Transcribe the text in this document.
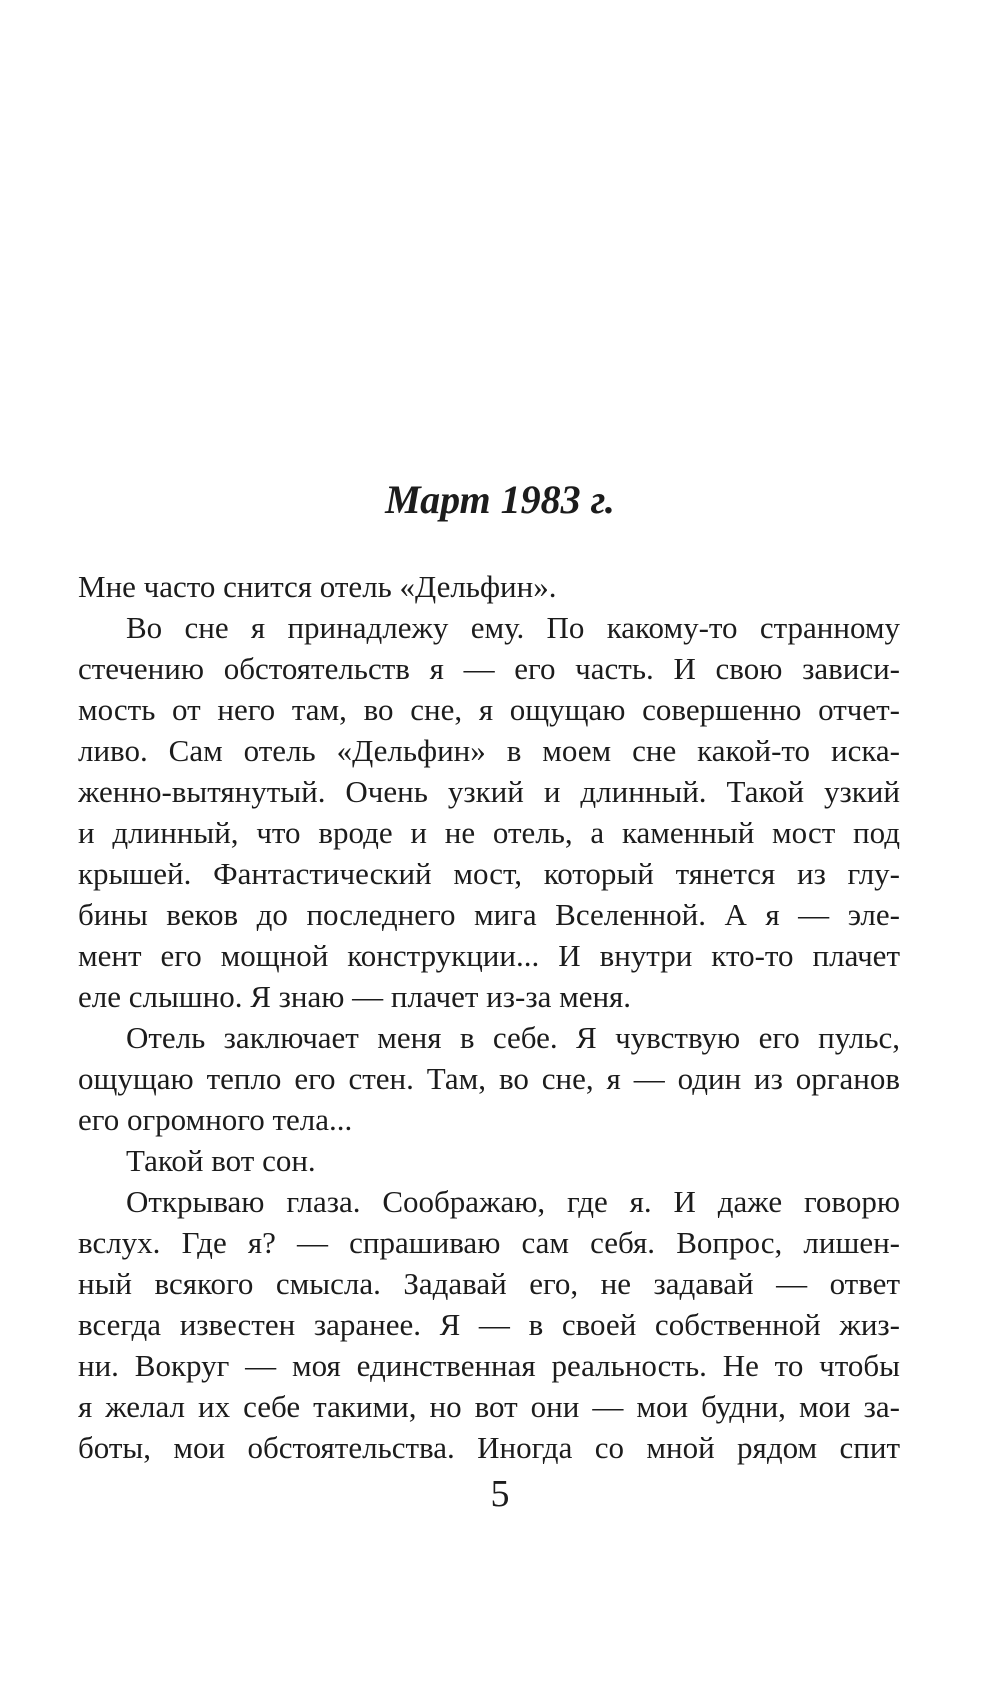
Март 1983 г.

Мне часто снится отель «Дельфин».

Во сне я принадлежу ему. По какому-то странному
стечению обстоятельств я — его часть. И свою зависи-
мость от него там, во сне, я ощущаю совершенно отчет-
ливо. Сам отель «Дельфин» в моем сне какой-то иска-
женно-вытянутый. Очень узкий и длинный. Такой узкий
и длинный, что вроде и не отель, а каменный мост под
крышей. Фантастический мост, который тянется из глу-
бины веков до последнего мига Вселенной. А я — эле-
мент его мощной конструкции... И внутри кто-то плачет
еле слышно. Я знаю — плачет из-за меня.

Отель заключает меня в себе. Я чувствую его пульс,
ощущаю тепло его стен. Там, во сне, я — один из органов
его огромного тела...

Такой вот сон.

Открываю глаза. Соображаю, где я. И даже говорю
вслух. Где я? — спрашиваю сам себя. Вопрос, лишен-
ный всякого смысла. Задавай его, не задавай — ответ
всегда известен заранее. Я — в своей собственной жиз-
ни. Вокруг — моя единственная реальность. Не то чтобы
я желал их себе такими, но вот они — мои будни, мои за-
боты, мои обстоятельства. Иногда со мной рядом спит

5
